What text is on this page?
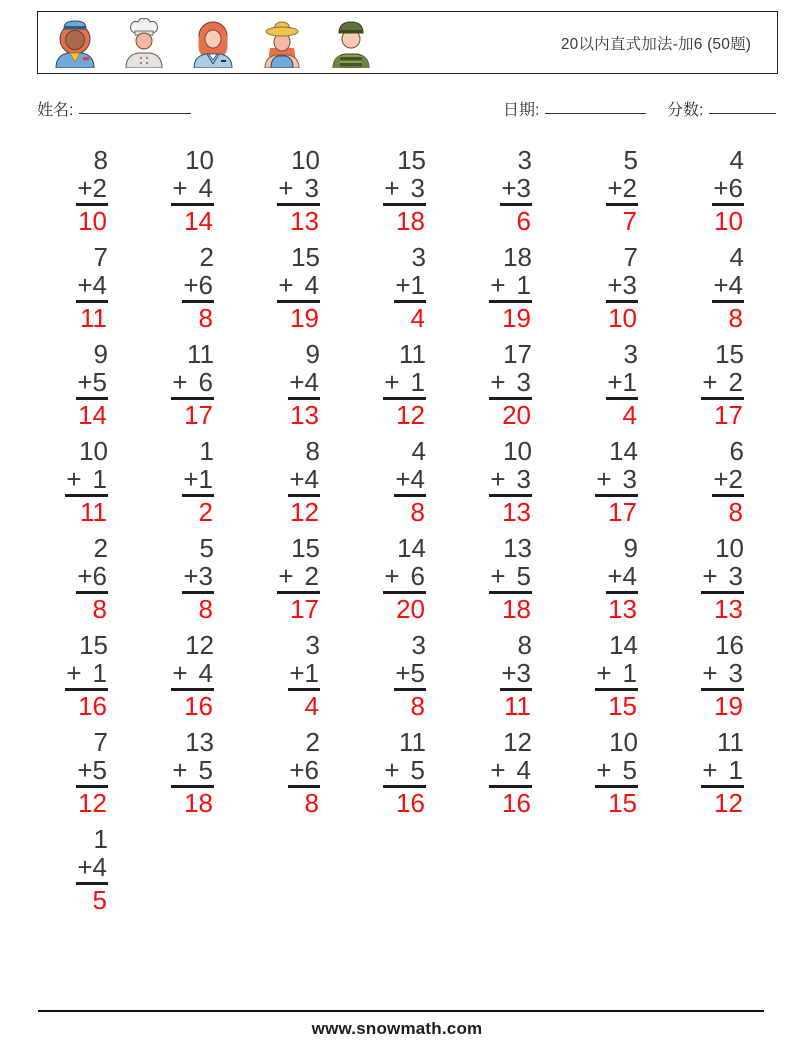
20以内直式加法-加6 (50题)
姓名:	日期:	分数:
8
+ 2
10
10
+ 4
14
10
+ 3
13
15
+ 3
18
3
+ 3
6
5
+ 2
7
4
+ 6
10
7
+ 4
11
2
+ 6
8
15
+ 4
19
3
+ 1
4
18
+ 1
19
7
+ 3
10
4
+ 4
8
9
+ 5
14
11
+ 6
17
9
+ 4
13
11
+ 1
12
17
+ 3
20
3
+ 1
4
15
+ 2
17
10
+ 1
11
1
+ 1
2
8
+ 4
12
4
+ 4
8
10
+ 3
13
14
+ 3
17
6
+ 2
8
2
+ 6
8
5
+ 3
8
15
+ 2
17
14
+ 6
20
13
+ 5
18
9
+ 4
13
10
+ 3
13
15
+ 1
16
12
+ 4
16
3
+ 1
4
3
+ 5
8
8
+ 3
11
14
+ 1
15
16
+ 3
19
7
+ 5
12
13
+ 5
18
2
+ 6
8
11
+ 5
16
12
+ 4
16
10
+ 5
15
11
+ 1
12
1
+ 4
5
www.snowmath.com
